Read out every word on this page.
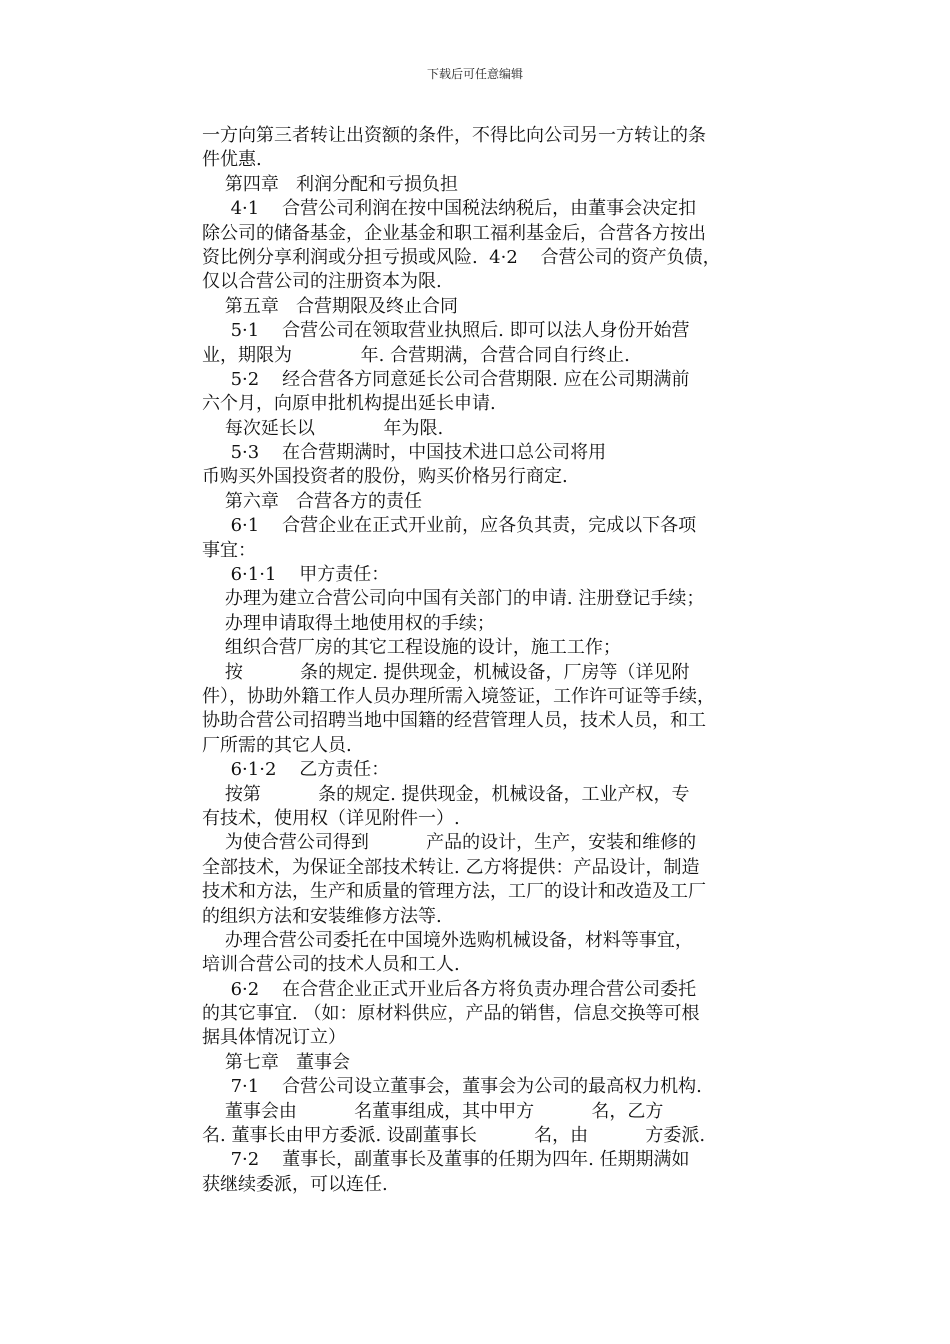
下载后可任意编辑
一方向第三者转让出资额的条件，不得比向公司另一方转让的条
件优惠.
第四章   利润分配和亏损负担
4·1    合营公司利润在按中国税法纳税后，由董事会决定扣
除公司的储备基金，企业基金和职工福利基金后，合营各方按出
资比例分享利润或分担亏损或风险.  4·2    合营公司的资产负债，
仅以合营公司的注册资本为限.
第五章   合营期限及终止合同
5·1    合营公司在领取营业执照后. 即可以法人身份开始营
业，期限为            年. 合营期满，合营合同自行终止.
5·2    经合营各方同意延长公司合营期限. 应在公司期满前
六个月，向原申批机构提出延长申请.
每次延长以            年为限.
5·3    在合营期满时，中国技术进口总公司将用
币购买外国投资者的股份，购买价格另行商定.
第六章   合营各方的责任
6·1    合营企业在正式开业前，应各负其责，完成以下各项
事宜：
6·1·1    甲方责任：
办理为建立合营公司向中国有关部门的申请. 注册登记手续；
办理申请取得土地使用权的手续；
组织合营厂房的其它工程设施的设计，施工工作；
按          条的规定. 提供现金，机械设备，厂房等（详见附
件），协助外籍工作人员办理所需入境签证，工作许可证等手续，
协助合营公司招聘当地中国籍的经营管理人员，技术人员，和工
厂所需的其它人员.
6·1·2    乙方责任：
按第          条的规定. 提供现金，机械设备，工业产权，专
有技术，使用权（详见附件一）.
为使合营公司得到          产品的设计，生产，安装和维修的
全部技术，为保证全部技术转让. 乙方将提供：产品设计，制造
技术和方法，生产和质量的管理方法，工厂的设计和改造及工厂
的组织方法和安装维修方法等.
办理合营公司委托在中国境外选购机械设备，材料等事宜，
培训合营公司的技术人员和工人.
6·2    在合营企业正式开业后各方将负责办理合营公司委托
的其它事宜. （如：原材料供应，产品的销售，信息交换等可根
据具体情况订立）
第七章   董事会
7·1    合营公司设立董事会，董事会为公司的最高权力机构.
董事会由          名董事组成，其中甲方          名，乙方
名. 董事长由甲方委派. 设副董事长          名，由          方委派.
7·2    董事长，副董事长及董事的任期为四年. 任期期满如
获继续委派，可以连任.
